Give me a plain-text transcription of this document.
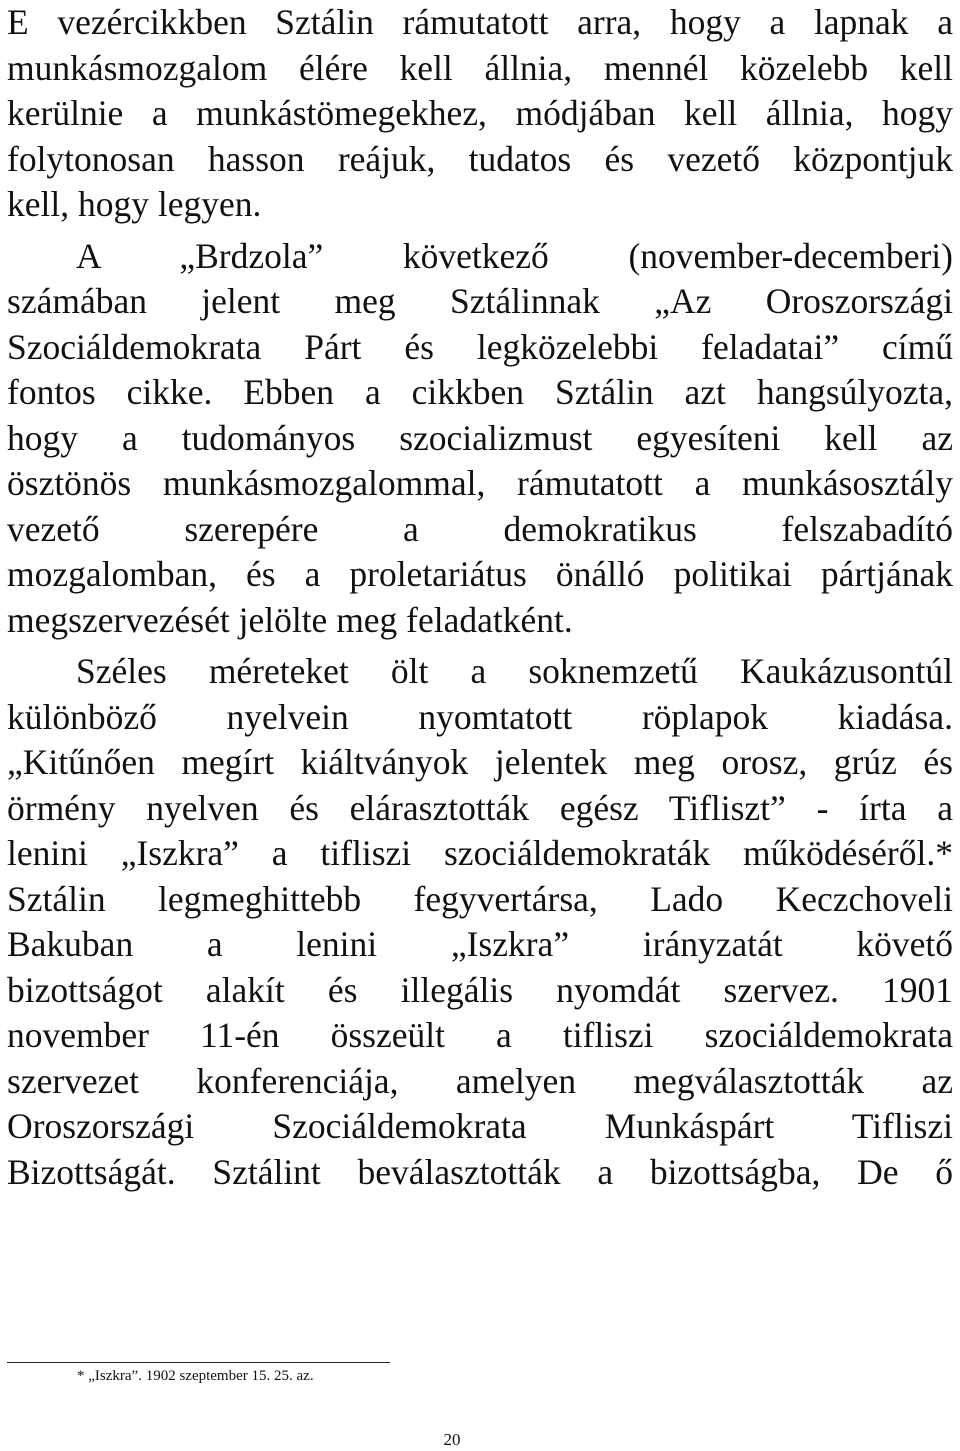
E vezércikkben Sztálin rámutatott arra, hogy a lapnak a
munkásmozgalom élére kell állnia, mennél közelebb kell
kerülnie a munkástömegekhez, módjában kell állnia, hogy
folytonosan hasson reájuk, tudatos és vezető központjuk
kell, hogy legyen.

A „Brdzola” következő (november-decemberi)
számában jelent meg Sztálinnak „Az Oroszországi
Szociáldemokrata Párt és legközelebbi feladatai” című
fontos cikke. Ebben a cikkben Sztálin azt hangsúlyozta,
hogy a tudományos szocializmust egyesíteni kell az
ösztönös munkásmozgalommal, rámutatott a munkásosztály
vezető szerepére a demokratikus felszabadító
mozgalomban, és a proletariátus önálló politikai pártjának
megszervezését jelölte meg feladatként.

Széles méreteket ölt a soknemzetű Kaukázusontúl
különböző nyelvein nyomtatott röplapok kiadása.
„Kitűnően megírt kiáltványok jelentek meg orosz, grúz és
örmény nyelven és elárasztották egész Tifliszt” - írta a
lenini „Iszkra” a tifliszi szociáldemokraták működéséről.*
Sztálin legmeghittebb fegyvertársa, Lado Keczchoveli
Bakuban a lenini „Iszkra” irányzatát követő
bizottságot alakít és illegális nyomdát szervez. 1901
november 11-én összeült a tifliszi szociáldemokrata
szervezet konferenciája, amelyen megválasztották az
Oroszországi Szociáldemokrata Munkáspárt Tifliszi
Bizottságát. Sztálint beválasztották a bizottságba, De ő

* „Iszkra”. 1902 szeptember 15. 25. az.
20
